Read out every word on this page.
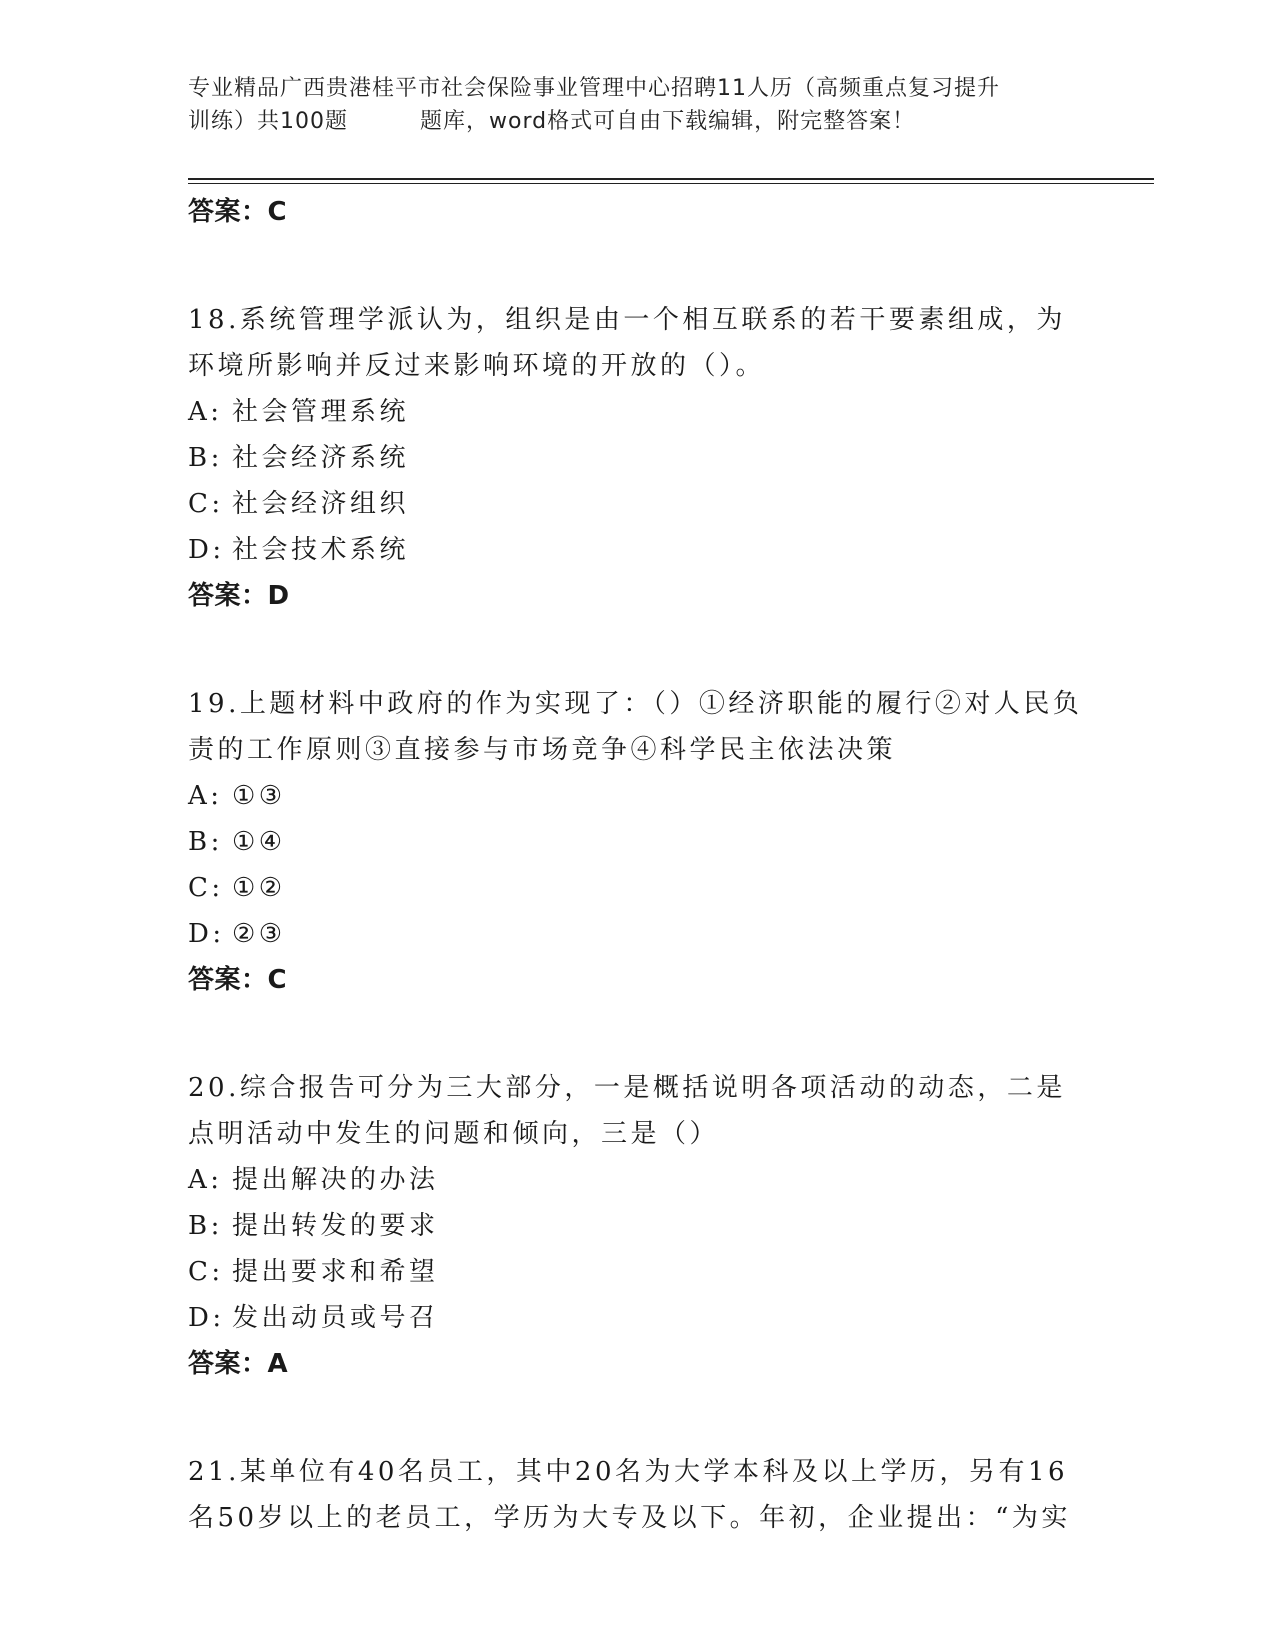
专业精品广西贵港桂平市社会保险事业管理中心招聘11人历（高频重点复习提升
训练）共100题	题库，word格式可自由下载编辑，附完整答案！
答案：C
18.系统管理学派认为，组织是由一个相互联系的若干要素组成，为环境所影响并反过来影响环境的开放的（）。
A: 社会管理系统
B: 社会经济系统
C: 社会经济组织
D: 社会技术系统
答案：D
19.上题材料中政府的作为实现了：（）①经济职能的履行②对人民负责的工作原则③直接参与市场竞争④科学民主依法决策
A: ①③
B: ①④
C: ①②
D: ②③
答案：C
20.综合报告可分为三大部分，一是概括说明各项活动的动态，二是点明活动中发生的问题和倾向，三是（）
A: 提出解决的办法
B: 提出转发的要求
C: 提出要求和希望
D: 发出动员或号召
答案：A
21.某单位有40名员工，其中20名为大学本科及以上学历，另有16名50岁以上的老员工，学历为大专及以下。年初，企业提出：“为实
